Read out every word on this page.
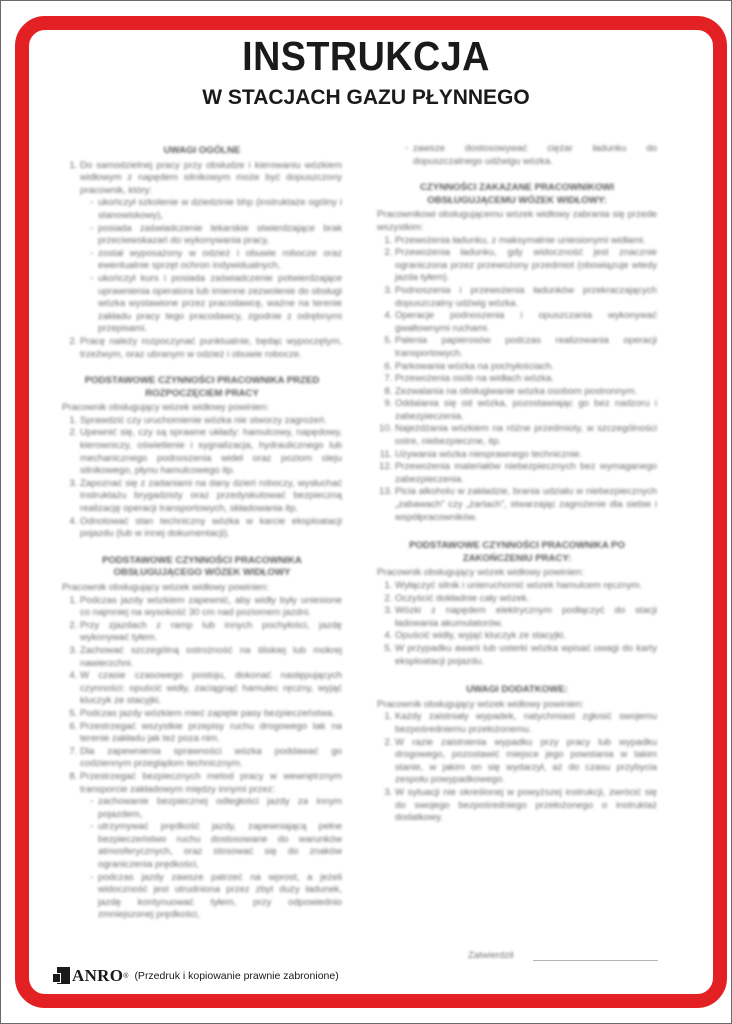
INSTRUKCJA
W STACJACH GAZU PŁYNNEGO
UWAGI OGÓLNE
1. Do samodzielnej pracy przy obsłudze i kierowaniu wózkiem widłowym z napędem silnikowym może być dopuszczony pracownik, który:
- ukończył szkolenie w dziedzinie bhp (instruktaże ogólny i stanowiskowy),
- posiada zaświadczenie lekarskie stwierdzające brak przeciwwskazań do wykonywania pracy,
- został wyposażony w odzież i obuwie robocze oraz ewentualnie sprzęt ochron indywidualnych,
- ukończył kurs i posiada zaświadczenie potwierdzające uprawnienia operatora lub imienne zezwolenie do obsługi wózka wystawione przez pracodawcę, ważne na terenie zakładu pracy tego pracodawcy, zgodnie z odrębnymi przepisami.
2. Pracę należy rozpoczynać punktualnie, będąc wypoczętym, trzeźwym, oraz ubranym w odzież i obuwie robocze.
PODSTAWOWE CZYNNOŚCI PRACOWNIKA PRZED ROZPOCZĘCIEM PRACY

Pracownik obsługujący wózek widłowy powinien:

1. Sprawdzić czy uruchomienie wózka nie stworzy zagrożeń.
2. Upewnić się, czy są sprawne układy: hamulcowy, napędowy, kierowniczy, oświetlenie i sygnalizacja, hydraulicznego lub mechanicznego podnoszenia wideł oraz poziom oleju silnikowego, płynu hamulcowego itp.
3. Zapoznać się z zadaniami na dany dzień roboczy, wysłuchać instruktażu brygadzisty oraz przedyskutować bezpieczną realizację operacji transportowych, składowania itp.
4. Odnotować stan techniczny wózka w karcie eksploatacji pojazdu (lub w innej dokumentacji).
PODSTAWOWE CZYNNOŚCI PRACOWNIKA OBSŁUGUJĄCEGO WÓZEK WIDŁOWY

Pracownik obsługujący wózek widłowy powinien:

1. Podczas jazdy wózkiem zapewnić, aby widły były uniesione co najmniej na wysokość 30 cm nad poziomem jazdni.
2. Przy zjazdach z ramp lub innych pochyłości, jazdę wykonywać tyłem.
3. Zachować szczególną ostrożność na śliskiej lub mokrej nawierzchni.
4. W czasie czasowego postoju, dokonać następujących czynności: opuścić widły, zaciągnąć hamulec ręczny, wyjąć kluczyk ze stacyjki.
5. Podczas jazdy wózkiem mieć zapięte pasy bezpieczeństwa.
6. Przestrzegać wszystkie przepisy ruchu drogowego tak na terenie zakładu jak też poza nim.
7. Dla zapewnienia sprawności wózka poddawać go codziennym przeglądom technicznym.
8. Przestrzegać bezpiecznych metod pracy w wewnętrznym transporcie zakładowym między innymi przez:
- zachowanie bezpiecznej odległości jazdy za innym pojazdem,
- utrzymywać prędkość jazdy, zapewniającą pełne bezpieczeństwo ruchu dostosowane do warunków atmosferycznych, oraz stosować się do znaków ograniczenia prędkości,
- podczas jazdy zawsze patrzeć na wprost, a jeżeli widoczność jest utrudniona przez zbyt duży ładunek, jazdę kontynuować tyłem, przy odpowiednio zmniejszonej prędkości,
- zawsze dostosowywać ciężar ładunku do dopuszczalnego udźwigu wózka.
CZYNNOŚCI ZAKAZANE PRACOWNIKOWI OBSŁUGUJĄCEMU WÓZEK WIDŁOWY:

Pracownikowi obsługującemu wózek widłowy zabrania się przede wszystkim:

1. Przewożenia ładunku, z maksymalnie uniesionymi widłami.
2. Przewożenia ładunku, gdy widoczność jest znacznie ograniczona przez przewożony przedmiot (obowiązuje wtedy jazda tyłem).
3. Podnoszenia i przewożenia ładunków przekraczających dopuszczalny udźwig wózka.
4. Operacje podnoszenia i opuszczania wykonywać gwałtownymi ruchami.
5. Palenia papierosów podczas realizowania operacji transportowych.
6. Parkowania wózka na pochyłościach.
7. Przewożenia osób na widłach wózka.
8. Zezwalania na obsługiwanie wózka osobom postronnym.
9. Oddalania się od wózka, pozostawiając go bez nadzoru i zabezpieczenia.
10. Najeżdżania wózkiem na różne przedmioty, w szczególności ostre, niebezpieczne, itp.
11. Używania wózka niesprawnego technicznie.
12. Przewożenia materiałów niebezpiecznych bez wymaganego zabezpieczenia.
13. Picia alkoholu w zakładzie, brania udziału w niebezpiecznych „zabawach” czy „żartach”, stwarzając zagrożenie dla siebie i współpracowników.
PODSTAWOWE CZYNNOŚCI PRACOWNIKA PO ZAKOŃCZENIU PRACY:

Pracownik obsługujący wózek widłowy powinien:

1. Wyłączyć silnik i unieruchomić wózek hamulcem ręcznym.
2. Oczyścić dokładnie cały wózek.
3. Wózki z napędem elektrycznym podłączyć do stacji ładowania akumulatorów.
4. Opuścić widły, wyjąć kluczyk ze stacyjki.
5. W przypadku awarii lub usterki wózka wpisać uwagi do karty eksploatacji pojazdu.
UWAGI DODATKOWE:

Pracownik obsługujący wózek widłowy powinien:

1. Każdy zaistniały wypadek, natychmiast zgłosić swojemu bezpośredniemu przełożonemu.
2. W razie zaistnienia wypadku przy pracy lub wypadku drogowego, pozostawić miejsce jego powstania w takim stanie, w jakim on się wydarzył, aż do czasu przybycia zespołu powypadkowego.
3. W sytuacji nie określonej w powyższej instrukcji, zwrócić się do swojego bezpośredniego przełożonego o instruktaż dodatkowy.
Zatwierdził
ANRO ® (Przedruk i kopiowanie prawnie zabronione)
